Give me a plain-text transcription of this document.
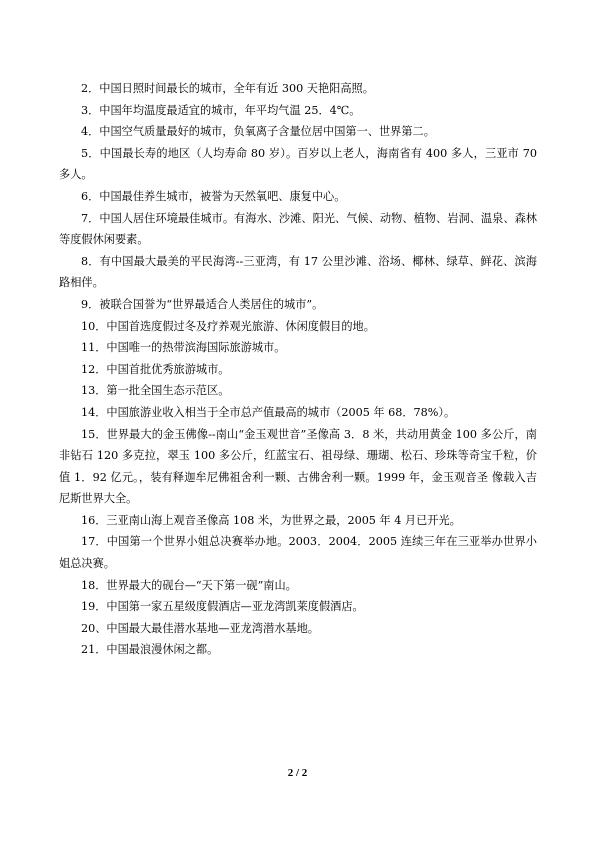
2．中国日照时间最长的城市，全年有近 300 天艳阳高照。

3．中国年均温度最适宜的城市，年平均气温 25．4℃。

4．中国空气质量最好的城市，负氧离子含量位居中国第一、世界第二。

5．中国最长寿的地区（人均寿命 80 岁）。百岁以上老人，海南省有 400 多人，三亚市 70 多人。

6．中国最佳养生城市，被誉为天然氧吧、康复中心。

7．中国人居住环境最佳城市。有海水、沙滩、阳光、气候、动物、植物、岩洞、温泉、森林等度假休闲要素。

8．有中国最大最美的平民海湾--三亚湾，有 17 公里沙滩、浴场、椰林、绿草、鲜花、滨海路相伴。

9．被联合国誉为“世界最适合人类居住的城市”。

10．中国首选度假过冬及疗养观光旅游、休闲度假目的地。

11．中国唯一的热带滨海国际旅游城市。

12．中国首批优秀旅游城市。

13．第一批全国生态示范区。

14．中国旅游业收入相当于全市总产值最高的城市（2005 年 68．78%）。

15．世界最大的金玉佛像--南山“金玉观世音”圣像高 3．8 米，共动用黄金 100 多公斤，南非钻石 120 多克拉，翠玉 100 多公斤，红蓝宝石、祖母绿、珊瑚、松石、珍珠等奇宝千粒，价值 1．92 亿元。，装有释迦牟尼佛祖舍利一颗、古佛舍利一颗。1999 年，金玉观音圣 像载入吉尼斯世界大全。

16．三亚南山海上观音圣像高 108 米，为世界之最，2005 年 4 月已开光。

17．中国第一个世界小姐总决赛举办地。2003．2004．2005 连续三年在三亚举办世界小姐总决赛。

18．世界最大的砚台—“天下第一砚”南山。

19．中国第一家五星级度假酒店—亚龙湾凯莱度假酒店。

20、中国最大最佳潜水基地—亚龙湾潜水基地。

21．中国最浪漫休闲之都。

2 / 2
